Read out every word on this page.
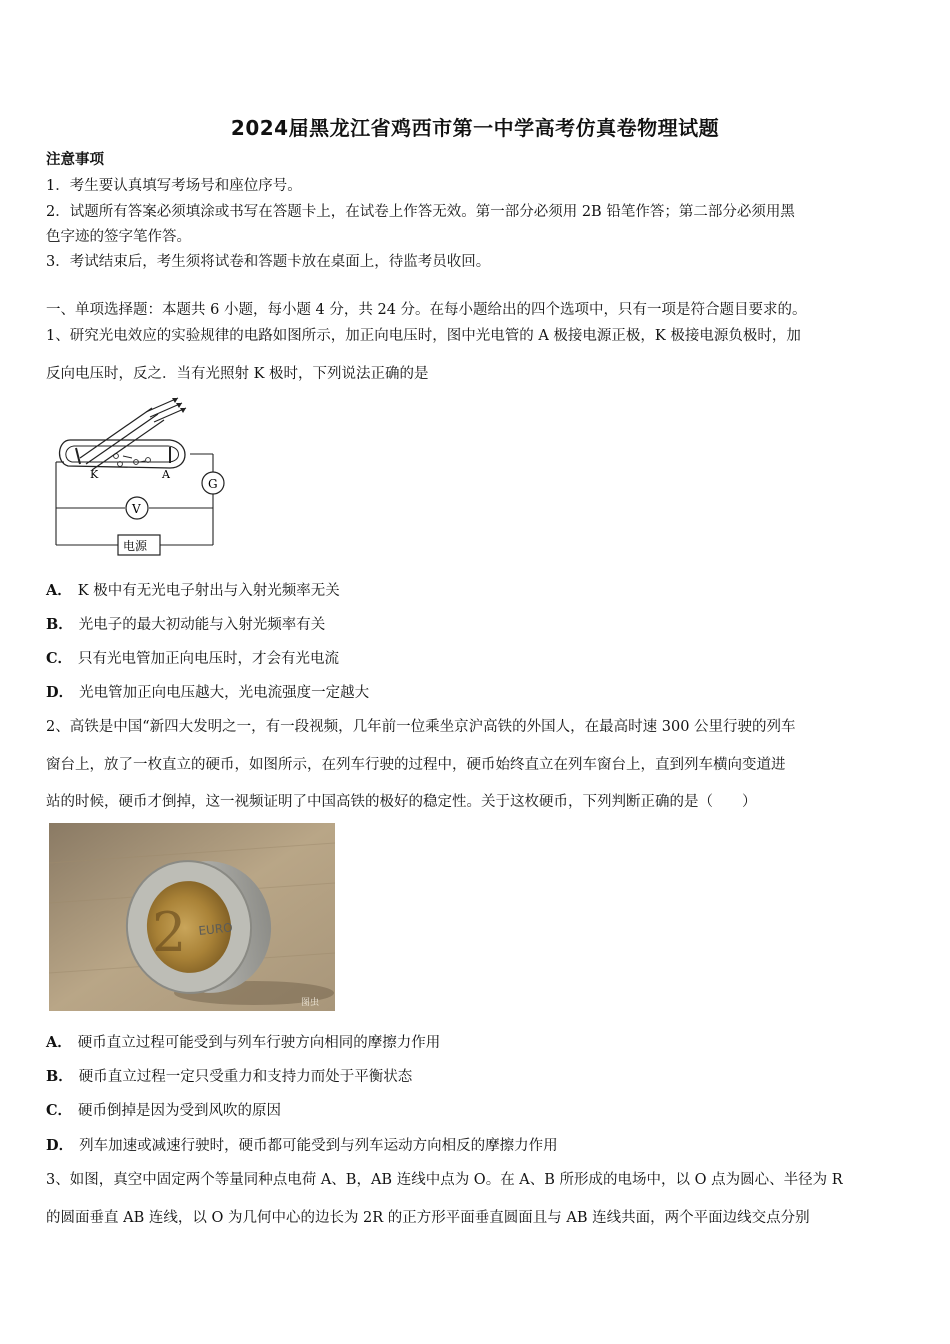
2024届黑龙江省鸡西市第一中学高考仿真卷物理试题
注意事项
1．考生要认真填写考场号和座位序号。
2．试题所有答案必须填涂或书写在答题卡上，在试卷上作答无效。第一部分必须用 2B 铅笔作答；第二部分必须用黑
色字迹的签字笔作答。
3．考试结束后，考生须将试卷和答题卡放在桌面上，待监考员收回。
一、单项选择题：本题共 6 小题，每小题 4 分，共 24 分。在每小题给出的四个选项中，只有一项是符合题目要求的。
1、研究光电效应的实验规律的电路如图所示，加正向电压时，图中光电管的 A 极接电源正极，K 极接电源负极时，加
反向电压时，反之．当有光照射 K 极时，下列说法正确的是
K	A
G
V
电源
A． K 极中有无光电子射出与入射光频率无关
B． 光电子的最大初动能与入射光频率有关
C． 只有光电管加正向电压时，才会有光电流
D． 光电管加正向电压越大，光电流强度一定越大
2、高铁是中国“新四大发明之一，有一段视频，几年前一位乘坐京沪高铁的外国人，在最高时速 300 公里行驶的列车
窗台上，放了一枚直立的硬币，如图所示，在列车行驶的过程中，硬币始终直立在列车窗台上，直到列车横向变道进
站的时候，硬币才倒掉，这一视频证明了中国高铁的极好的稳定性。关于这枚硬币，下列判断正确的是（　　）
2 EURO
图虫
A． 硬币直立过程可能受到与列车行驶方向相同的摩擦力作用
B． 硬币直立过程一定只受重力和支持力而处于平衡状态
C． 硬币倒掉是因为受到风吹的原因
D． 列车加速或减速行驶时，硬币都可能受到与列车运动方向相反的摩擦力作用
3、如图，真空中固定两个等量同种点电荷 A、B，AB 连线中点为 O。在 A、B 所形成的电场中，以 O 点为圆心、半径为 R
的圆面垂直 AB 连线，以 O 为几何中心的边长为 2R 的正方形平面垂直圆面且与 AB 连线共面，两个平面边线交点分别
